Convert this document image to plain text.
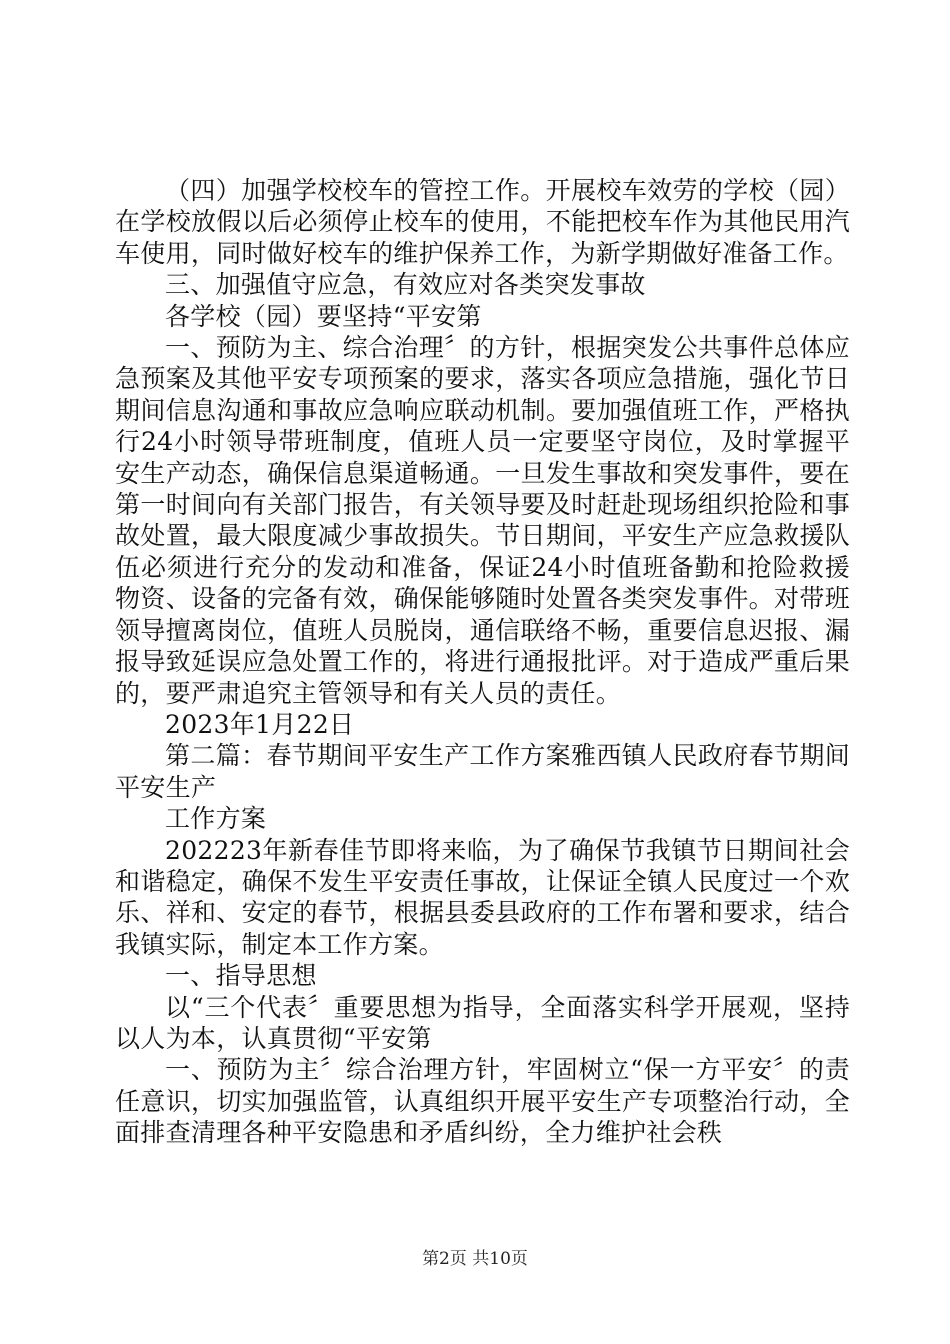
（四）加强学校校车的管控工作。开展校车效劳的学校（园）在学校放假以后必须停止校车的使用，不能把校车作为其他民用汽车使用，同时做好校车的维护保养工作，为新学期做好准备工作。

三、加强值守应急，有效应对各类突发事故

各学校（园）要坚持“平安第

一、预防为主、综合治理〞的方针，根据突发公共事件总体应急预案及其他平安专项预案的要求，落实各项应急措施，强化节日期间信息沟通和事故应急响应联动机制。要加强值班工作，严格执行24小时领导带班制度，值班人员一定要坚守岗位，及时掌握平安生产动态，确保信息渠道畅通。一旦发生事故和突发事件，要在第一时间向有关部门报告，有关领导要及时赶赴现场组织抢险和事故处置，最大限度减少事故损失。节日期间，平安生产应急救援队伍必须进行充分的发动和准备，保证24小时值班备勤和抢险救援物资、设备的完备有效，确保能够随时处置各类突发事件。对带班领导擅离岗位，值班人员脱岗，通信联络不畅，重要信息迟报、漏报导致延误应急处置工作的，将进行通报批评。对于造成严重后果的，要严肃追究主管领导和有关人员的责任。

2023年1月22日

第二篇：春节期间平安生产工作方案雅西镇人民政府春节期间平安生产

工作方案

202223年新春佳节即将来临，为了确保节我镇节日期间社会和谐稳定，确保不发生平安责任事故，让保证全镇人民度过一个欢乐、祥和、安定的春节，根据县委县政府的工作布署和要求，结合我镇实际，制定本工作方案。

一、指导思想

以“三个代表〞重要思想为指导，全面落实科学开展观，坚持以人为本，认真贯彻“平安第

一、预防为主〞综合治理方针，牢固树立“保一方平安〞的责任意识，切实加强监管，认真组织开展平安生产专项整治行动，全面排查清理各种平安隐患和矛盾纠纷，全力维护社会秩

第2页 共10页
